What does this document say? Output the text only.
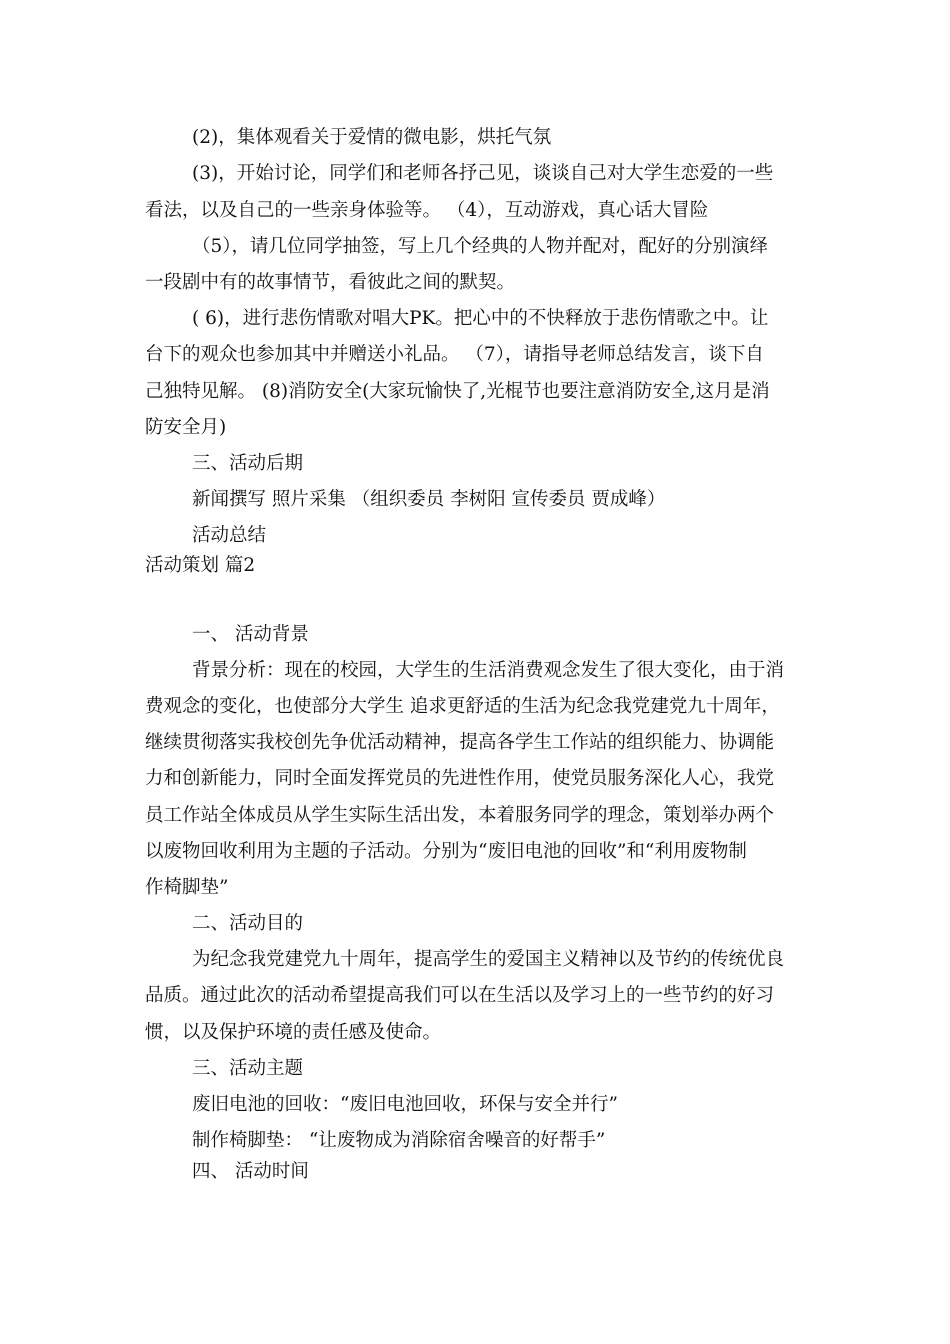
(2)，集体观看关于爱情的微电影，烘托气氛

(3)，开始讨论，同学们和老师各抒己见，谈谈自己对大学生恋爱的一些

看法，以及自己的一些亲身体验等。 （4），互动游戏，真心话大冒险

（5），请几位同学抽签，写上几个经典的人物并配对，配好的分别演绎

一段剧中有的故事情节，看彼此之间的默契。

( 6)，进行悲伤情歌对唱大PK。把心中的不快释放于悲伤情歌之中。让

台下的观众也参加其中并赠送小礼品。 （7），请指导老师总结发言，谈下自

己独特见解。 (8)消防安全(大家玩愉快了,光棍节也要注意消防安全,这月是消

防安全月)

三、活动后期

新闻撰写 照片采集 （组织委员 李树阳 宣传委员 贾成峰）

活动总结

活动策划 篇2

一、 活动背景

背景分析：现在的校园，大学生的生活消费观念发生了很大变化，由于消

费观念的变化，也使部分大学生 追求更舒适的生活为纪念我党建党九十周年，

继续贯彻落实我校创先争优活动精神，提高各学生工作站的组织能力、协调能

力和创新能力，同时全面发挥党员的先进性作用，使党员服务深化人心，我党

员工作站全体成员从学生实际生活出发，本着服务同学的理念，策划举办两个

以废物回收利用为主题的子活动。分别为“废旧电池的回收”和“利用废物制

作椅脚垫”

二、活动目的

为纪念我党建党九十周年，提高学生的爱国主义精神以及节约的传统优良

品质。通过此次的活动希望提高我们可以在生活以及学习上的一些节约的好习

惯，以及保护环境的责任感及使命。

三、活动主题

废旧电池的回收：“废旧电池回收，环保与安全并行”

制作椅脚垫： “让废物成为消除宿舍噪音的好帮手”

四、 活动时间
